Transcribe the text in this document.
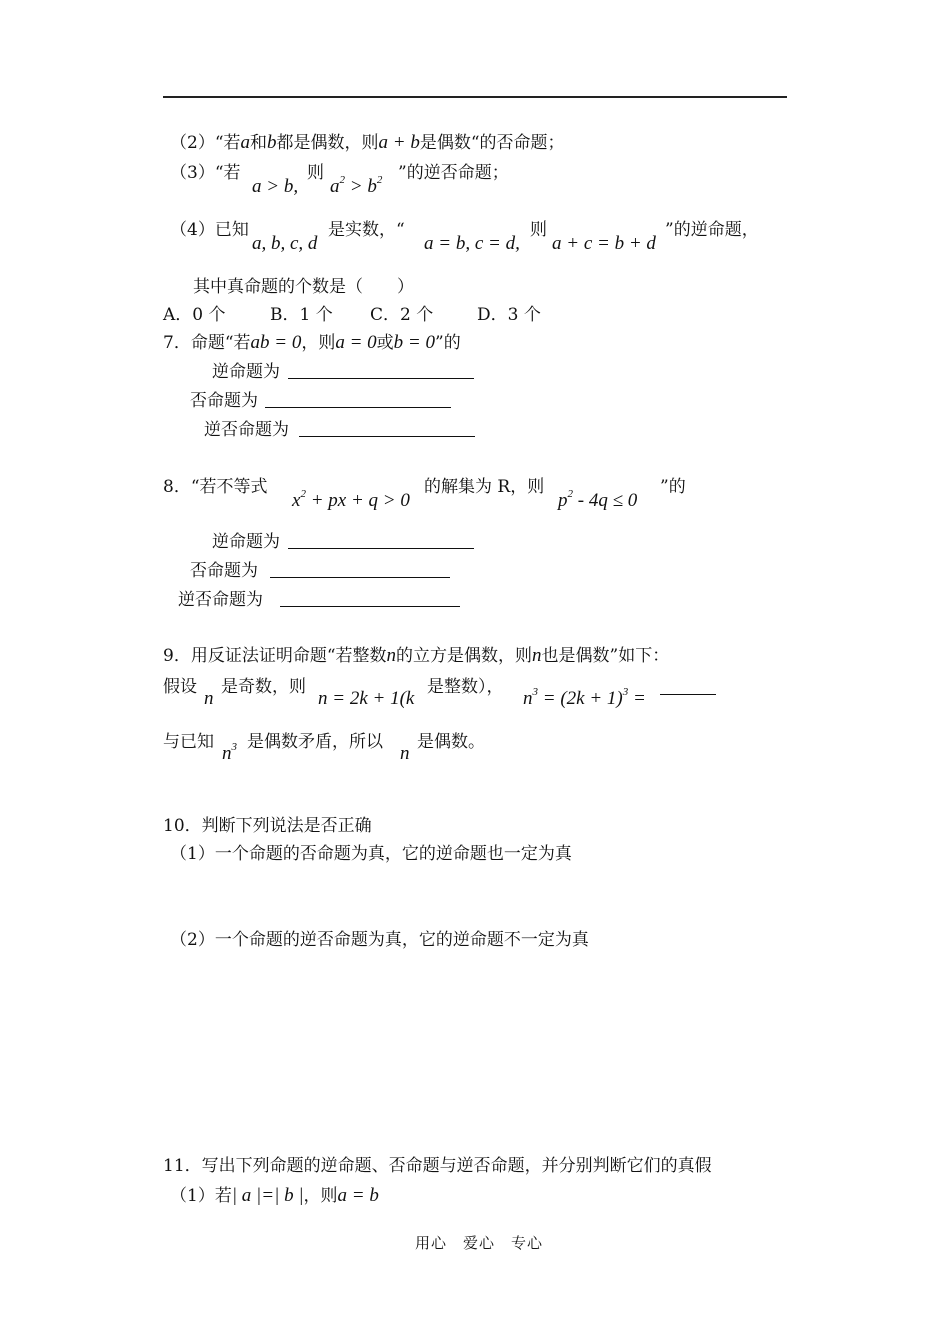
（2）“若a和b都是偶数，则a + b是偶数“的否命题；
（3）“若
a > b,
则
$a^2 > b^2$ ”的逆否命题；
（4）已知
a, b, c, d
是实数，“
a = b, c = d,
则
a + c = b + d
”的逆命题，
其中真命题的个数是（　　）
A．0 个	B．1 个 C．2 个	D．3 个
7．命题“若ab = 0，则a = 0或b = 0”的
逆命题为
否命题为
逆否命题为
8．“若不等式
$x^2$ + px + q > 0
的解集为 R，则
$p^2 - 4q \le 0$
”的
逆命题为
否命题为
逆否命题为
9．用反证法证明命题“若整数n的立方是偶数，则n也是偶数”如下：
假设
n
是奇数，则
n = 2k + 1(k
是整数），
$n^3 = (2k + 1)^3$ =
与已知
$n^3$ 是偶数矛盾，所以
n
是偶数。
10．判断下列说法是否正确
（1）一个命题的否命题为真，它的逆命题也一定为真
（2）一个命题的逆否命题为真，它的逆命题不一定为真
11．写出下列命题的逆命题、否命题与逆否命题，并分别判断它们的真假
（1）若| a |=| b |，则a = b
用心　爱心　专心
